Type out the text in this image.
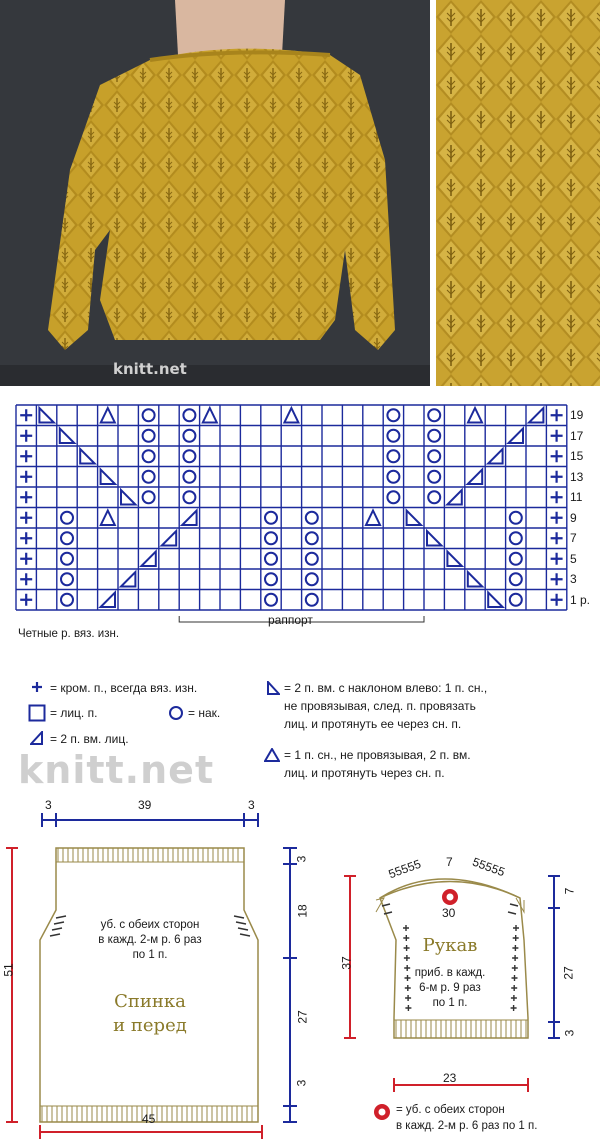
knitt.net
19
17
15
13
11
9
7
5
3
1 р.
раппорт
Четные р. вяз. изн.
= кром. п., всегда вяз. изн.
= лиц. п.	= нак.
= 2 п. вм. лиц.
= 2 п. вм. с наклоном влево: 1 п. сн.,
не провязывая, след. п. провязать
лиц. и протянуть ее через сн. п.
= 1 п. сн., не провязывая, 2 п. вм.
лиц. и протянуть через сн. п.
knitt.net
3	39	3
51
3
18
27
3
45
уб. с обеих сторон
в кажд. 2-м р. 6 раз
по 1 п.
Спинка
и перед
55555 7 55555
30
37
7
27
3
23
Рукав
приб. в кажд.
6-м р. 9 раз
по 1 п.
= уб. с обеих сторон
в кажд. 2-м р. 6 раз по 1 п.
